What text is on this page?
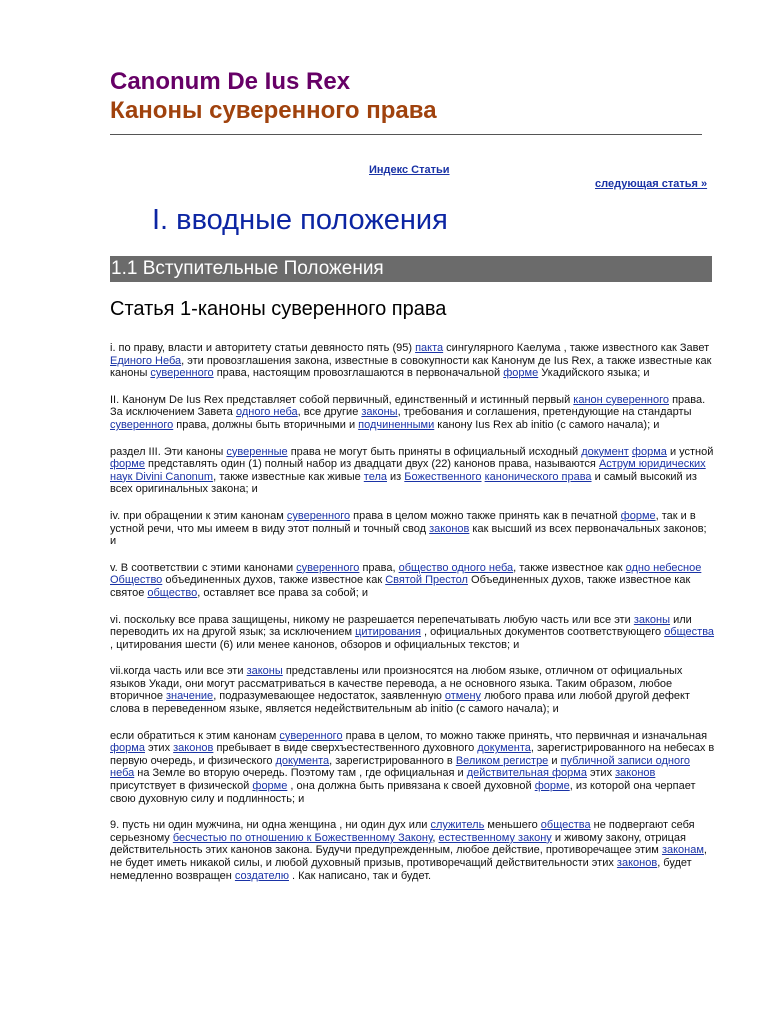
Canonum De Ius Rex
Каноны суверенного права
Индекс Статьи
следующая статья »
I. вводные положения
1.1 Вступительные Положения
Статья 1-каноны суверенного права

i. по праву, власти и авторитету статьи девяносто пять (95) пакта сингулярного Каелума , также известного как Завет Единого Неба, эти провозглашения закона, известные в совокупности как Канонум де Ius Rex, а также известные как каноны суверенного права, настоящим провозглашаются в первоначальной форме Укадийского языка; и

II. Канонум De Ius Rex представляет собой первичный, единственный и истинный первый канон суверенного права. За исключением Завета одного неба, все другие законы, требования и соглашения, претендующие на стандарты суверенного права, должны быть вторичными и подчиненными канону Ius Rex ab initio (с самого начала); и

раздел III. Эти каноны суверенные права не могут быть приняты в официальный исходный документ форма и устной форме представлять один (1) полный набор из двадцати двух (22) канонов права, называются Аструм юридических наук Divini Canonum, также известные как живые тела из Божественного канонического права и самый высокий из всех оригинальных закона; и

iv. при обращении к этим канонам суверенного права в целом можно также принять как в печатной форме, так и в устной речи, что мы имеем в виду этот полный и точный свод законов как высший из всех первоначальных законов; и

v. В соответствии с этими канонами суверенного права, общество одного неба, также известное как одно небесное Общество объединенных духов, также известное как Святой Престол Объединенных духов, также известное как святое общество, оставляет все права за собой; и

vi. поскольку все права защищены, никому не разрешается перепечатывать любую часть или все эти законы или переводить их на другой язык; за исключением цитирования , официальных документов соответствующего общества , цитирования шести (6) или менее канонов, обзоров и официальных текстов; и

vii.когда часть или все эти законы представлены или произносятся на любом языке, отличном от официальных языков Укади, они могут рассматриваться в качестве перевода, а не основного языка. Таким образом, любое вторичное значение, подразумевающее недостаток, заявленную отмену любого права или любой другой дефект слова в переведенном языке, является недействительным ab initio (с самого начала); и

если обратиться к этим канонам суверенного права в целом, то можно также принять, что первичная и изначальная форма этих законов пребывает в виде сверхъестественного духовного документа, зарегистрированного на небесах в первую очередь, и физического документа, зарегистрированного в Великом регистре и публичной записи одного неба на Земле во вторую очередь. Поэтому там , где официальная и действительная форма этих законов присутствует в физической форме , она должна быть привязана к своей духовной форме, из которой она черпает свою духовную силу и подлинность; и

9. пусть ни один мужчина, ни одна женщина , ни один дух или служитель меньшего общества не подвергают себя серьезному бесчестью по отношению к Божественному Закону, естественному закону и живому закону, отрицая действительность этих канонов закона. Будучи предупрежденным, любое действие, противоречащее этим законам, не будет иметь никакой силы, и любой духовный призыв, противоречащий действительности этих законов, будет немедленно возвращен создателю . Как написано, так и будет.
